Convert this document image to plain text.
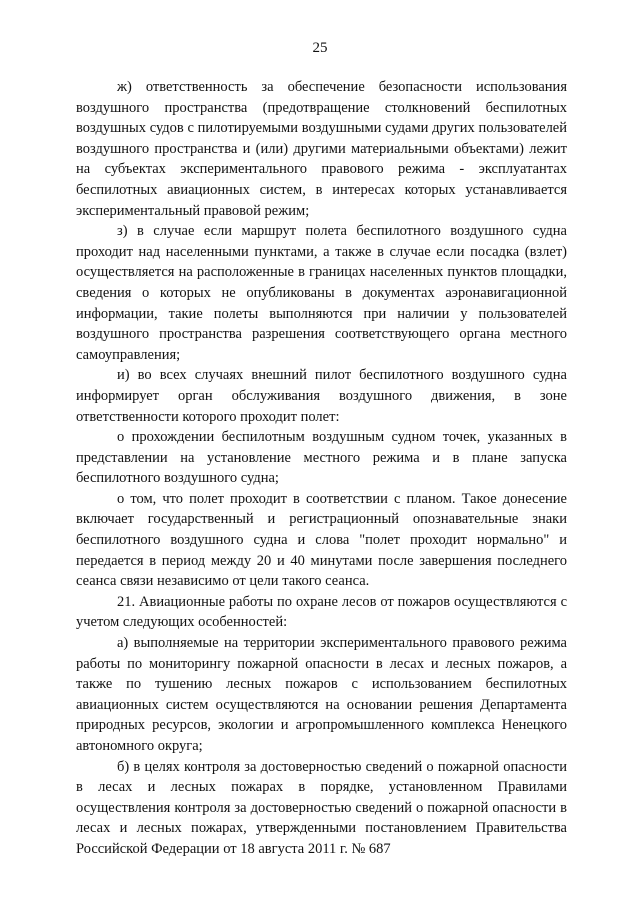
25

ж) ответственность за обеспечение безопасности использования воздушного пространства (предотвращение столкновений беспилотных воздушных судов с пилотируемыми воздушными судами других пользователей воздушного пространства и (или) другими материальными объектами) лежит на субъектах экспериментального правового режима - эксплуатантах беспилотных авиационных систем, в интересах которых устанавливается экспериментальный правовой режим;

з) в случае если маршрут полета беспилотного воздушного судна проходит над населенными пунктами, а также в случае если посадка (взлет) осуществляется на расположенные в границах населенных пунктов площадки, сведения о которых не опубликованы в документах аэронавигационной информации, такие полеты выполняются при наличии у пользователей воздушного пространства разрешения соответствующего органа местного самоуправления;

и) во всех случаях внешний пилот беспилотного воздушного судна информирует орган обслуживания воздушного движения, в зоне ответственности которого проходит полет:

о прохождении беспилотным воздушным судном точек, указанных в представлении на установление местного режима и в плане запуска беспилотного воздушного судна;

о том, что полет проходит в соответствии с планом. Такое донесение включает государственный и регистрационный опознавательные знаки беспилотного воздушного судна и слова "полет проходит нормально" и передается в период между 20 и 40 минутами после завершения последнего сеанса связи независимо от цели такого сеанса.

21. Авиационные работы по охране лесов от пожаров осуществляются с учетом следующих особенностей:

а) выполняемые на территории экспериментального правового режима работы по мониторингу пожарной опасности в лесах и лесных пожаров, а также по тушению лесных пожаров с использованием беспилотных авиационных систем осуществляются на основании решения Департамента природных ресурсов, экологии и агропромышленного комплекса Ненецкого автономного округа;

б) в целях контроля за достоверностью сведений о пожарной опасности в лесах и лесных пожарах в порядке, установленном Правилами осуществления контроля за достоверностью сведений о пожарной опасности в лесах и лесных пожарах, утвержденными постановлением Правительства Российской Федерации от 18 августа 2011 г. № 687
